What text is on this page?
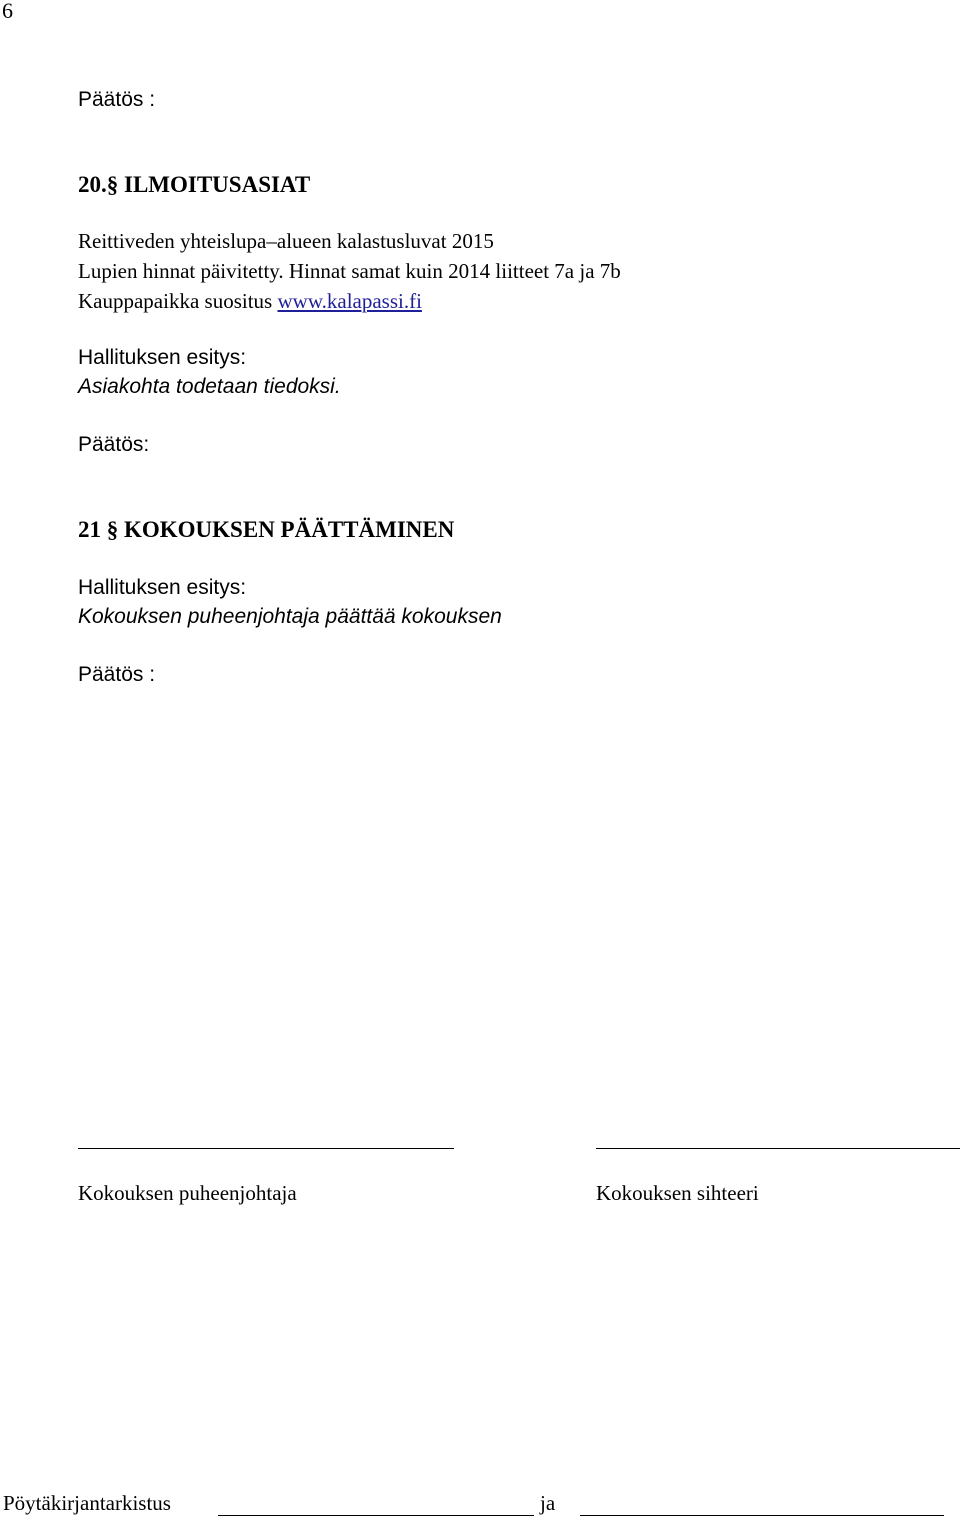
6
Päätös :
20.§ ILMOITUSASIAT
Reittiveden yhteislupa–alueen kalastusluvat 2015
Lupien hinnat päivitetty. Hinnat samat kuin 2014 liitteet 7a ja 7b
Kauppapaikka suositus www.kalapassi.fi
Hallituksen esitys:
Asiakohta todetaan tiedoksi.
Päätös:
21 § KOKOUKSEN PÄÄTTÄMINEN
Hallituksen esitys:
Kokouksen puheenjohtaja päättää kokouksen
Päätös :
Kokouksen puheenjohtaja	Kokouksen sihteeri
Pöytäkirjantarkistus	ja
